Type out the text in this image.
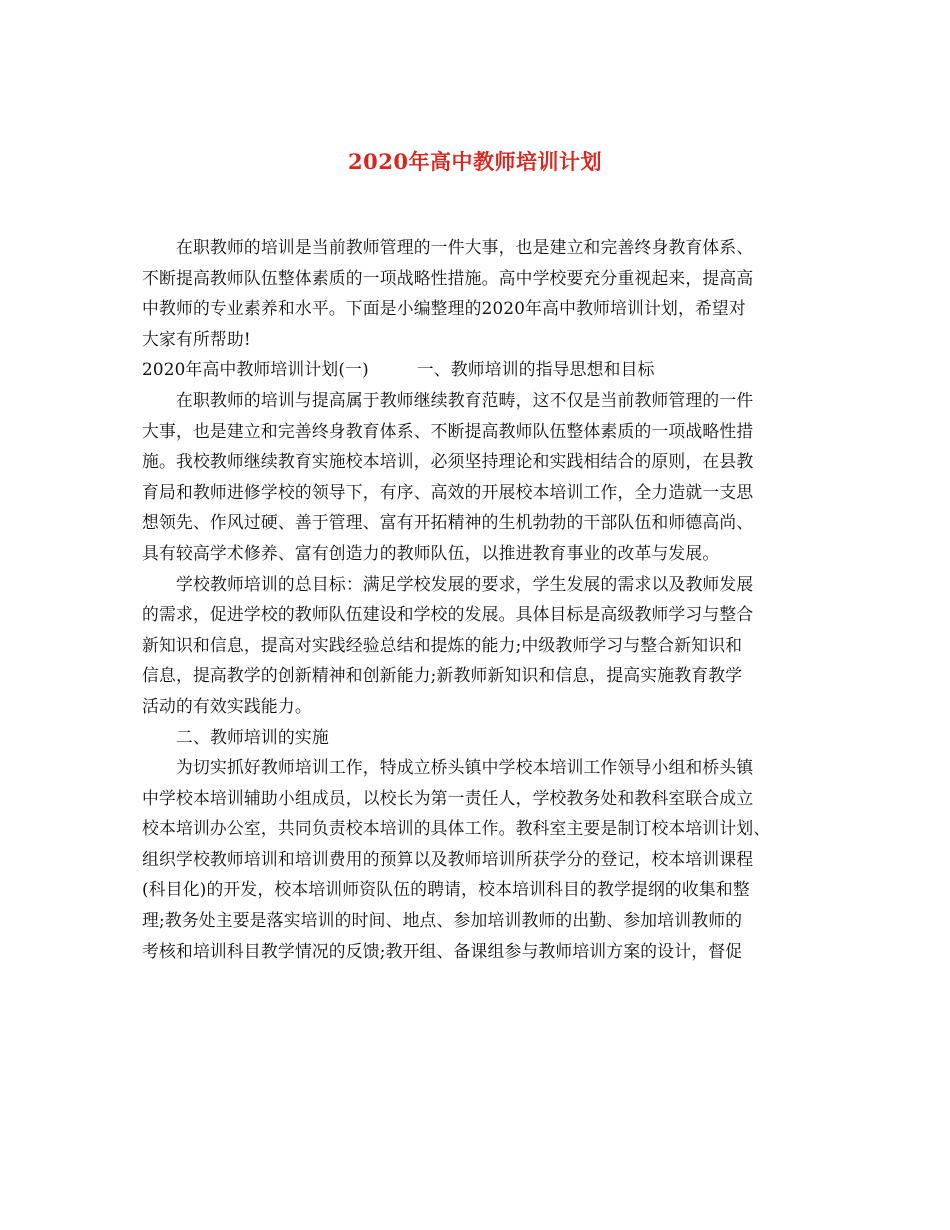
2020年高中教师培训计划
在职教师的培训是当前教师管理的一件大事，也是建立和完善终身教育体系、
不断提高教师队伍整体素质的一项战略性措施。高中学校要充分重视起来，提高高
中教师的专业素养和水平。下面是小编整理的2020年高中教师培训计划，希望对
大家有所帮助!
2020年高中教师培训计划(一)	一、教师培训的指导思想和目标
在职教师的培训与提高属于教师继续教育范畴，这不仅是当前教师管理的一件
大事，也是建立和完善终身教育体系、不断提高教师队伍整体素质的一项战略性措
施。我校教师继续教育实施校本培训，必须坚持理论和实践相结合的原则，在县教
育局和教师进修学校的领导下，有序、高效的开展校本培训工作，全力造就一支思
想领先、作风过硬、善于管理、富有开拓精神的生机勃勃的干部队伍和师德高尚、
具有较高学术修养、富有创造力的教师队伍，以推进教育事业的改革与发展。
学校教师培训的总目标：满足学校发展的要求，学生发展的需求以及教师发展
的需求，促进学校的教师队伍建设和学校的发展。具体目标是高级教师学习与整合
新知识和信息，提高对实践经验总结和提炼的能力;中级教师学习与整合新知识和
信息，提高教学的创新精神和创新能力;新教师新知识和信息，提高实施教育教学
活动的有效实践能力。
二、教师培训的实施
为切实抓好教师培训工作，特成立桥头镇中学校本培训工作领导小组和桥头镇
中学校本培训辅助小组成员，以校长为第一责任人，学校教务处和教科室联合成立
校本培训办公室，共同负责校本培训的具体工作。教科室主要是制订校本培训计划、
组织学校教师培训和培训费用的预算以及教师培训所获学分的登记，校本培训课程
(科目化)的开发，校本培训师资队伍的聘请，校本培训科目的教学提纲的收集和整
理;教务处主要是落实培训的时间、地点、参加培训教师的出勤、参加培训教师的
考核和培训科目教学情况的反馈;教开组、备课组参与教师培训方案的设计，督促
